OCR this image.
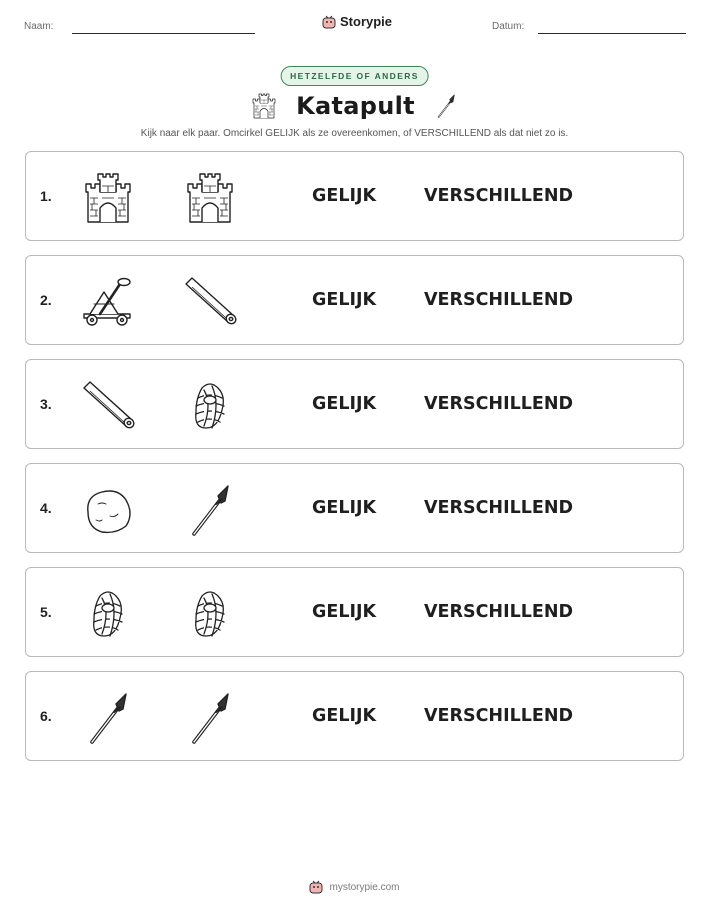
Naam:	Storypie	Datum:
HETZELFDE OF ANDERS
Katapult
Kijk naar elk paar. Omcirkel GELIJK als ze overeenkomen, of VERSCHILLEND als dat niet zo is.
1.	GELIJK	VERSCHILLEND
2.	GELIJK	VERSCHILLEND
3.	GELIJK	VERSCHILLEND
4.	GELIJK	VERSCHILLEND
5.	GELIJK	VERSCHILLEND
6.	GELIJK	VERSCHILLEND
mystorypie.com
